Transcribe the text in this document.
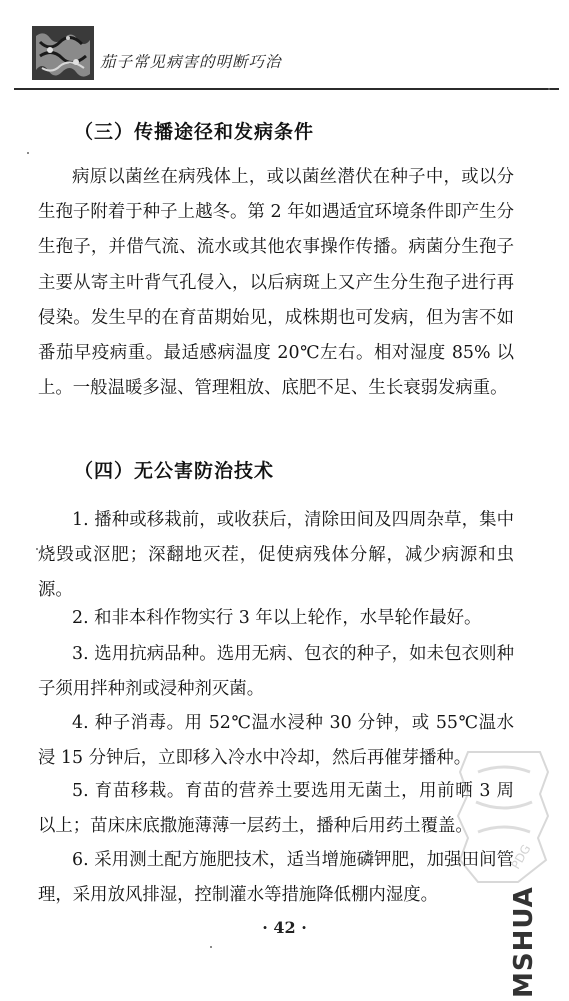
茄子常见病害的明断巧治
（三）传播途径和发病条件

病原以菌丝在病残体上，或以菌丝潜伏在种子中，或以分生孢子附着于种子上越冬。第 2 年如遇适宜环境条件即产生分生孢子，并借气流、流水或其他农事操作传播。病菌分生孢子主要从寄主叶背气孔侵入，以后病斑上又产生分生孢子进行再侵染。发生早的在育苗期始见，成株期也可发病，但为害不如番茄早疫病重。最适感病温度 20℃左右。相对湿度 85% 以上。一般温暖多湿、管理粗放、底肥不足、生长衰弱发病重。

（四）无公害防治技术

1. 播种或移栽前，或收获后，清除田间及四周杂草，集中烧毁或沤肥；深翻地灭茬，促使病残体分解，减少病源和虫源。

2. 和非本科作物实行 3 年以上轮作，水旱轮作最好。

3. 选用抗病品种。选用无病、包衣的种子，如未包衣则种子须用拌种剂或浸种剂灭菌。

4. 种子消毒。用 52℃温水浸种 30 分钟，或 55℃温水浸 15 分钟后，立即移入冷水中冷却，然后再催芽播种。

5. 育苗移栽。育苗的营养土要选用无菌土，用前晒 3 周以上；苗床床底撒施薄薄一层药土，播种后用药土覆盖。

6. 采用测土配方施肥技术，适当增施磷钾肥，加强田间管理，采用放风排湿，控制灌水等措施降低棚内湿度。

· 42 ·
PDG
MSHUA
